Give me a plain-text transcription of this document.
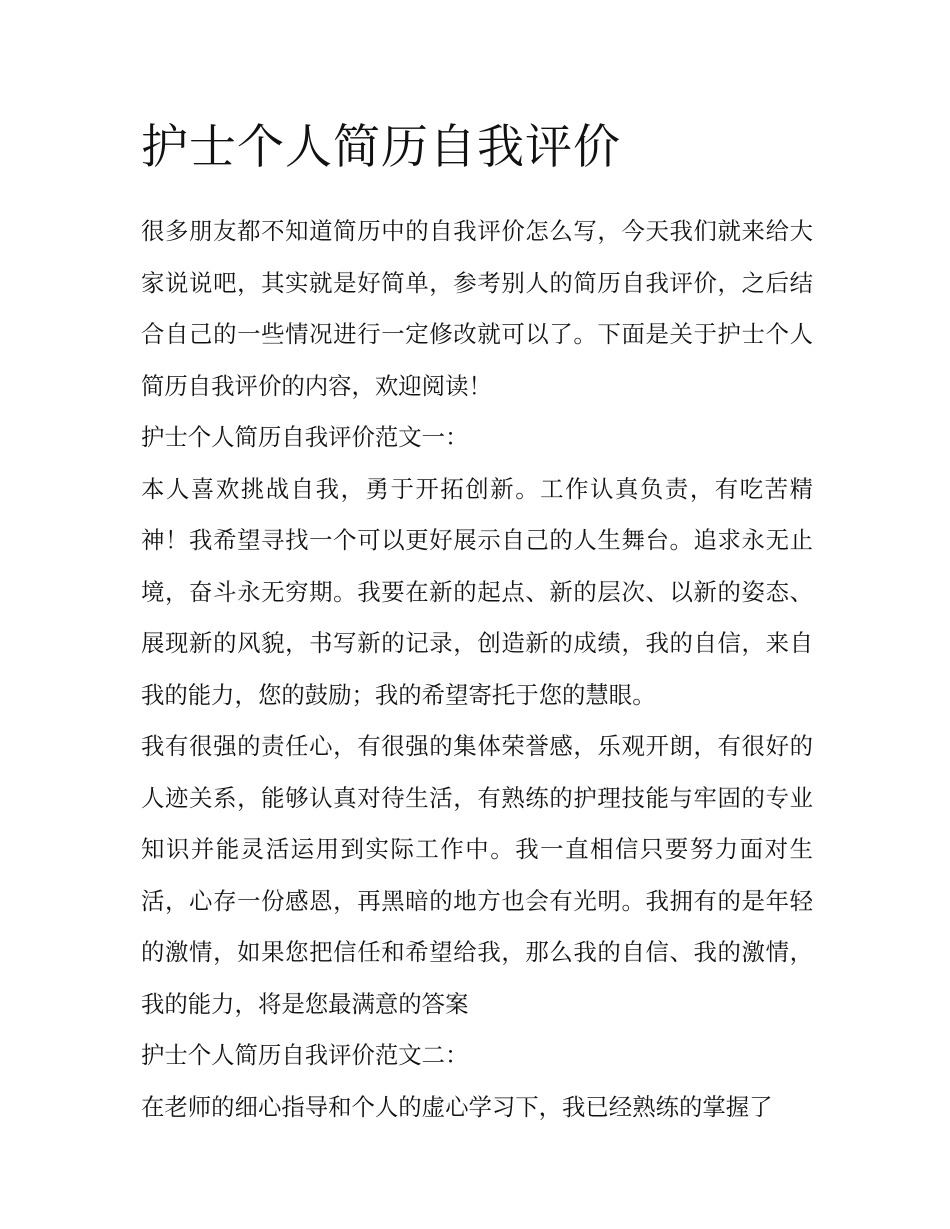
护士个人简历自我评价

很多朋友都不知道简历中的自我评价怎么写，今天我们就来给大家说说吧，其实就是好简单，参考别人的简历自我评价，之后结合自己的一些情况进行一定修改就可以了。下面是关于护士个人简历自我评价的内容，欢迎阅读！

护士个人简历自我评价范文一：

本人喜欢挑战自我，勇于开拓创新。工作认真负责，有吃苦精神！我希望寻找一个可以更好展示自己的人生舞台。追求永无止境，奋斗永无穷期。我要在新的起点、新的层次、以新的姿态、展现新的风貌，书写新的记录，创造新的成绩，我的自信，来自我的能力，您的鼓励；我的希望寄托于您的慧眼。

我有很强的责任心，有很强的集体荣誉感，乐观开朗，有很好的人迹关系，能够认真对待生活，有熟练的护理技能与牢固的专业知识并能灵活运用到实际工作中。我一直相信只要努力面对生活，心存一份感恩，再黑暗的地方也会有光明。我拥有的是年轻的激情，如果您把信任和希望给我，那么我的自信、我的激情，我的能力，将是您最满意的答案

护士个人简历自我评价范文二：

在老师的细心指导和个人的虚心学习下，我已经熟练的掌握了
